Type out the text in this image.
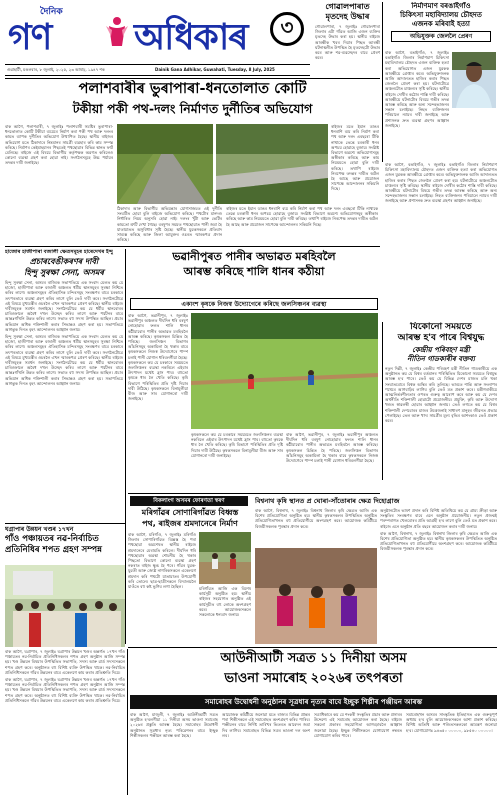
দৈনিক
গণ অধিকাৰ ৩
গুৱাহাটী, মঙলবাৰ, ৮ জুলাই, ২০২৫, ২৩ আষাঢ়, ১৯৪৭ শক	Dainik Gana Adhikar, Guwahati, Tuesday, 8 July, 2025
গোৱালপাৰাত
মৃতদেহ উদ্ধাৰ
গোৱালপাৰা, ৭ জুলাইঃ গোৱালপাৰা জিলাৰ এটা গাঁৱত আজি এজন ব্যক্তিৰ মৃতদেহ উদ্ধাৰ কৰা হয়। স্থানীয় ৰাইজে আৰক্ষীক খবৰ দিয়াৰ পিছত আৰক্ষী ঘটনাস্থলীত উপস্থিত হৈ মৃতদেহটো উদ্ধাৰ কৰে আৰু শৱ-ব্যৱচ্ছেদৰ বাবে প্ৰেৰণ কৰে।
নিৰ্মাণমাণ বৰঙাইগাঁও
চিকিৎসা মহাবিদ্যালয় চৌহদত
এজনক মৰিবাই হত্যা
অভিযুক্তক জেললৈ প্ৰেৰণ
বাক আগৈ, বঙাইগাঁও, ৭ জুলাইঃ বঙাইগাঁও জিলাৰ নিৰ্মাণমাণ চিকিৎসা মহাবিদ্যালয় চৌহদত এজন ব্যক্তিক হত্যা কৰা অভিযোগত এজন যুৱকক আৰক্ষীয়ে গ্ৰেপ্তাৰ কৰে। অভিযুক্তজনক আজি আদালতত হাজিৰ কৰাৰ পিছত জেললৈ প্ৰেৰণ কৰা হয়। ঘটনাটোৱে অঞ্চলটোত চাঞ্চল্যৰ সৃষ্টি কৰিছে। স্থানীয় ৰাইজে দোষীৰ কঠোৰ শাস্তি দাবী কৰিছে। আৰক্ষীয়ে ঘটনাটোৰ বিষয়ে গভীৰ তদন্ত আৰম্ভ কৰিছে আৰু অন্য সন্দেহভাজনৰ সন্ধান চলাইছে। নিহত ব্যক্তিজনৰ পৰিয়ালে ন্যায়ৰ দাবী জনাইছে আৰু প্ৰশাসনক দ্ৰুত ব্যৱস্থা গ্ৰহণৰ আহ্বান জনাইছে।
বাক আগৈ, বঙাইগাঁও, ৭ জুলাইঃ বঙাইগাঁও জিলাৰ নিৰ্মাণমাণ চিকিৎসা মহাবিদ্যালয় চৌহদত এজন ব্যক্তিক হত্যা কৰা অভিযোগত এজন যুৱকক আৰক্ষীয়ে গ্ৰেপ্তাৰ কৰে। অভিযুক্তজনক আজি আদালতত হাজিৰ কৰাৰ পিছত জেললৈ প্ৰেৰণ কৰা হয়। ঘটনাটোৱে অঞ্চলটোত চাঞ্চল্যৰ সৃষ্টি কৰিছে। স্থানীয় ৰাইজে দোষীৰ কঠোৰ শাস্তি দাবী কৰিছে। আৰক্ষীয়ে ঘটনাটোৰ বিষয়ে গভীৰ তদন্ত আৰম্ভ কৰিছে আৰু অন্য সন্দেহভাজনৰ সন্ধান চলাইছে। নিহত ব্যক্তিজনৰ পৰিয়ালে ন্যায়ৰ দাবী জনাইছে আৰু প্ৰশাসনক দ্ৰুত ব্যৱস্থা গ্ৰহণৰ আহ্বান জনাইছে।
পলাশবাৰীৰ ভুৰাপাৰা-ধনতোলাত কোটি
টকীয়া পকী পথ-দলং নিৰ্মাণত দুৰ্নীতিৰ অভিযোগ
বাক আগৈ, পলাশবাৰী, ৭ জুলাইঃ পলাশবাৰী সমষ্টিৰ ভুৰাপাৰা-ধনতোলাত কোটি টকীয়া ব্যয়েৰে নিৰ্মাণ কৰা পকী পথ আৰু দলংৰ কামত ব্যাপক দুৰ্নীতিৰ অভিযোগ উত্থাপিত হৈছে। স্থানীয় ৰাইজৰ অভিযোগ মতে ঠিকাদাৰে নিম্নমানৰ সামগ্ৰী ব্যৱহাৰ কৰি কাম সম্পন্ন কৰিছে। নিৰ্মাণৰ কেইমাহমানৰ পিছতেই পথছোৱাৰ বিভিন্ন স্থানত ফাট মেলিছে। ৰাইজে এই বিষয়ে বিভাগীয় কৰ্তৃপক্ষক অৱগত কৰিলেও কোনো ব্যৱস্থা গ্ৰহণ কৰা হোৱা নাই। সংগঠনসমূহে উচ্চ পৰ্যায়ৰ তদন্তৰ দাবী জনাইছে।
ঠিকাদাৰ আৰু বিভাগীয় অভিযন্তাৰ যোগসাজচত এই দুৰ্নীতি সংঘটিত হোৱা বুলি ৰাইজে অভিযোগ কৰিছে। পথটোৰ মানদণ্ড নিৰ্ধাৰিত নিয়ম অনুসৰি হোৱা নাই। দলংৰ খুঁটা আৰু ভেটিৰ কামতো ত্ৰুটি দেখা গৈছে। বৰষুণৰ সময়ত পথছোৱাত পানী জমা হৈ যাতায়াতত অসুবিধাৰ সৃষ্টি হৈছে। স্থানীয় যুৱকসকলে প্ৰতিবাদ সাব্যস্ত কৰিছে আৰু জিলা আয়ুক্তৰ ওচৰত স্মাৰকপত্ৰ প্ৰদান কৰিছে।
ৰাইজৰ মতে ইমান ডাঙৰ ধনৰাশি ব্যয় কৰি নিৰ্মাণ কৰা পথ আৰু দলং এবছৰো টিকি নাথাকে তেন্তে চৰকাৰী ধনৰ অপচয় হোৱাহে বুজায়। সংশ্লিষ্ট বিভাগে অৱশ্যে অভিযোগসমূহ অস্বীকাৰ কৰিছে আৰু কাম নিয়মমতে হোৱা বুলি দাবী কৰিছে। তথাপি ৰাইজে নিৰপেক্ষ তদন্তৰ দাবীত অটল হৈ আছে আৰু প্ৰয়োজন সাপেক্ষে আন্দোলনৰ সকিয়নি দিছে।
ৰাইজৰ মতে ইমান ডাঙৰ ধনৰাশি ব্যয় কৰি নিৰ্মাণ কৰা পথ আৰু দলং এবছৰো টিকি নাথাকে তেন্তে চৰকাৰী ধনৰ অপচয় হোৱাহে বুজায়। সংশ্লিষ্ট বিভাগে অৱশ্যে অভিযোগসমূহ অস্বীকাৰ কৰিছে আৰু কাম নিয়মমতে হোৱা বুলি দাবী কৰিছে। তথাপি ৰাইজে নিৰপেক্ষ তদন্তৰ দাবীত অটল হৈ আছে আৰু প্ৰয়োজন সাপেক্ষে আন্দোলনৰ সকিয়নি দিছে।
হাজোৰ হাজীপাৰা বজালী ক্ষেত্ৰসমূহৰ হাৰেদেখৰ ইন্দু
প্ৰচাৰবেঙীকৰণৰ দাবী
হিন্দু সুৰক্ষা সেনা, অসমৰ
হিন্দু সুৰক্ষা সেনা, অসমৰ ৰাজ্যিক সভাপতিয়ে এক সংবাদ মেলত কয় যে হাজো, হাজীপাৰা আৰু বজালী অঞ্চলত ধৰ্মীয় স্থানসমূহৰ সুৰক্ষা নিশ্চিত কৰিব লাগে। অঞ্চলসমূহৰ ঐতিহাসিক মন্দিৰসমূহ সংৰক্ষণৰ বাবে চৰকাৰে তৎপৰতাৰে ব্যৱস্থা গ্ৰহণ কৰিব লাগে বুলি তেওঁ দাবী কৰে। সংগঠনটোৱে এই বিষয়ে মুখ্যমন্ত্ৰীৰ ওচৰলৈ এখন স্মাৰকপত্ৰ প্ৰেৰণ কৰিছে। স্থানীয় ৰাইজে দাবীসমূহক সমৰ্থন জনাইছে। সংগঠনটোৱে কয় যে ধৰ্মীয় স্থানবোৰৰ চাৰিওফালে অবৈধ দখল উচ্ছেদ কৰিব লাগে আৰু পৰ্যটনৰ বাবে আন্তঃগাঁথনি উন্নত কৰিব লাগে। সভাত বহু সদস্য উপস্থিত আছিল। প্ৰচাৰ অভিযান অধিক শক্তিশালী কৰাৰ সিদ্ধান্তও গ্ৰহণ কৰা হয়। সভাপতিয়ে আগন্তুক দিনত বৃহৎ আন্দোলনৰ আহ্বান জনায়।
হিন্দু সুৰক্ষা সেনা, অসমৰ ৰাজ্যিক সভাপতিয়ে এক সংবাদ মেলত কয় যে হাজো, হাজীপাৰা আৰু বজালী অঞ্চলত ধৰ্মীয় স্থানসমূহৰ সুৰক্ষা নিশ্চিত কৰিব লাগে। অঞ্চলসমূহৰ ঐতিহাসিক মন্দিৰসমূহ সংৰক্ষণৰ বাবে চৰকাৰে তৎপৰতাৰে ব্যৱস্থা গ্ৰহণ কৰিব লাগে বুলি তেওঁ দাবী কৰে। সংগঠনটোৱে এই বিষয়ে মুখ্যমন্ত্ৰীৰ ওচৰলৈ এখন স্মাৰকপত্ৰ প্ৰেৰণ কৰিছে। স্থানীয় ৰাইজে দাবীসমূহক সমৰ্থন জনাইছে। সংগঠনটোৱে কয় যে ধৰ্মীয় স্থানবোৰৰ চাৰিওফালে অবৈধ দখল উচ্ছেদ কৰিব লাগে আৰু পৰ্যটনৰ বাবে আন্তঃগাঁথনি উন্নত কৰিব লাগে। সভাত বহু সদস্য উপস্থিত আছিল। প্ৰচাৰ অভিযান অধিক শক্তিশালী কৰাৰ সিদ্ধান্তও গ্ৰহণ কৰা হয়। সভাপতিয়ে আগন্তুক দিনত বৃহৎ আন্দোলনৰ আহ্বান জনায়।
ভৱানীপুৰত পানীৰ অভাৱত মৰহিবলৈ
আৰম্ভ কৰিছে শালি ধানৰ কঠীয়া
একাংশ কৃষকে নিজস্ব উদ্যোগেৰে কৰিছে জলসিঞ্চনৰ ব্যৱস্থা
বাক আগৈ, ভৱানীপুৰ, ৭ জুলাইঃ ভৱানীপুৰ অঞ্চলত দীৰ্ঘদিন ধৰি বৰষুণ নোহোৱাৰ ফলত শালি ধানৰ কঠীয়াবোৰ পানীৰ অভাৱত মৰহিবলৈ আৰম্ভ কৰিছে। কৃষকসকল চিন্তিত হৈ পৰিছে। জলসিঞ্চন বিভাগৰ আঁচনিসমূহ অকামিলা হৈ থকাৰ বাবে কৃষকসকলে নিজস্ব উদ্যোগেৰে পাম্প চলাই পানী যোগান ধৰিবলগীয়া হৈছে।
কৃষকসকলে কয় যে চৰকাৰে সময়মতে জলসিঞ্চনৰ ব্যৱস্থা নকৰিলে এইবাৰ উৎপাদন যথেষ্ট হ্ৰাস পাব। বহুতো কৃষকে ধাৰ লৈ খেতি কৰিছে। কৃষি বিভাগে পৰিস্থিতিৰ প্ৰতি দৃষ্টি দিয়াৰ দাবী উঠিছে। কৃষকসকলে বিনামূলীয়া বীজ আৰু সাৰ যোগানৰো দাবী জনাইছে।
কৃষকসকলে কয় যে চৰকাৰে সময়মতে জলসিঞ্চনৰ ব্যৱস্থা নকৰিলে এইবাৰ উৎপাদন যথেষ্ট হ্ৰাস পাব। বহুতো কৃষকে ধাৰ লৈ খেতি কৰিছে। কৃষি বিভাগে পৰিস্থিতিৰ প্ৰতি দৃষ্টি দিয়াৰ দাবী উঠিছে। কৃষকসকলে বিনামূলীয়া বীজ আৰু সাৰ যোগানৰো দাবী জনাইছে।
বাক আগৈ, ভৱানীপুৰ, ৭ জুলাইঃ ভৱানীপুৰ অঞ্চলত দীৰ্ঘদিন ধৰি বৰষুণ নোহোৱাৰ ফলত শালি ধানৰ কঠীয়াবোৰ পানীৰ অভাৱত মৰহিবলৈ আৰম্ভ কৰিছে। কৃষকসকল চিন্তিত হৈ পৰিছে। জলসিঞ্চন বিভাগৰ আঁচনিসমূহ অকামিলা হৈ থকাৰ বাবে কৃষকসকলে নিজস্ব উদ্যোগেৰে পাম্প চলাই পানী যোগান ধৰিবলগীয়া হৈছে।
যিকোনো সময়তে
আৰম্ভ হ'ব পাৰে বিশ্বযুদ্ধ
কেন্দ্ৰীয় পৰিবহণ মন্ত্ৰী
নীতিন গাডকাৰীৰ বক্তব্য
নতুন দিল্লী, ৭ জুলাইঃ কেন্দ্ৰীয় পৰিবহণ মন্ত্ৰী নীতিন গাডকাৰীয়ে এক অনুষ্ঠানত কয় যে বিশ্বৰ বৰ্তমানৰ পৰিস্থিতিত যিকোনো সময়তে বিশ্বযুদ্ধ আৰম্ভ হ'ব পাৰে। তেওঁ কয় যে বিভিন্ন দেশৰ মাজত চলি থকা সংঘাতবোৰে বিশ্বক অস্থিৰ কৰি তুলিছে। ভাৰতে শান্তি আৰু সংলাপৰ পথেৰে আগবাঢ়িব লাগিব বুলি তেওঁ মত প্ৰকাশ কৰে। মন্ত্ৰীগৰাকীয়ে আত্মনিৰ্ভৰশীলতাৰ ওপৰত গুৰুত্ব আৰোপ কৰে আৰু কয় যে দেশৰ অৰ্থনীতি শক্তিশালী হোৱাটো প্ৰয়োজনীয়। প্ৰযুক্তি, কৃষি আৰু উদ্যোগ খণ্ডত স্বাৱলম্বী হোৱাৰ আহ্বান জনায়। তেওঁ লগতে কয় যে বিশ্বৰ শক্তিশালী দেশবোৰৰ মাজৰ উত্তেজনাই সাধাৰণ মানুহৰ জীৱনত প্ৰভাৱ পেলাইছে। তেল আৰু খাদ্য সামগ্ৰীৰ মূল্য বৃদ্ধিৰ আশংকাও তেওঁ প্ৰকাশ কৰে।
বিকলাংগ অসমৰ ফোৰণতা স্বৰণ
মৰিগাঁৱৰ সোণাৰিগাঁৱত বিধ্বস্ত
পথ, ৰাইজৰ শ্ৰমদানেৰে নিৰ্মাণ
বাক আগৈ, মৰিগাঁও, ৭ জুলাইঃ মৰিগাঁও জিলাৰ সোণাৰিগাঁৱত বিধ্বস্ত হৈ পৰা পথছোৱা অৱশেষত স্থানীয় ৰাইজে শ্ৰমদানেৰে মেৰামতি কৰিলে। দীৰ্ঘদিন ধৰি পথছোৱাৰ অৱস্থা শোচনীয় হৈ থকাৰ পিছতো বিভাগে কোনো ব্যৱস্থা গ্ৰহণ নকৰাত ৰাইজ ক্ষুব্ধ হৈ পৰে। গাঁৱৰ যুৱক-যুৱতী আৰু জ্যেষ্ঠ নাগৰিকসকলে একেলগে শ্ৰমদান কৰি পথটো যাতায়াতৰ উপযোগী কৰি তোলে। ছাত্ৰ-ছাত্ৰীসকলে বিদ্যালয়লৈ যাওঁতে বহু কষ্ট ভুগিব লগা হৈছিল।	মৰিগাঁৱত আজি এক বিশেষ কাৰ্যসূচী অনুষ্ঠিত হয়। স্থানীয় ৰাইজৰ সহযোগত অনুষ্ঠিত এই কাৰ্যসূচীত বহু লোকে অংশগ্ৰহণ কৰে। আয়োজকসকলে সকলোকে ধন্যবাদ জনায়।
বিশ্বনাথ কৃষি স্থানত প্ৰ ঘোৰা-সাঁতোৰাৰ ক্ষেত্ৰ দিহোগ্ৰাজ
বাক আগৈ, বিশ্বনাথ, ৭ জুলাইঃ বিশ্বনাথ জিলাৰ কৃষি ক্ষেত্ৰত আজি এক বিশেষ প্ৰতিযোগিতা অনুষ্ঠিত হয়। স্থানীয় কৃষকসকলৰ উপস্থিতিত অনুষ্ঠিত প্ৰতিযোগিতাখনত বহু প্ৰতিযোগীয়ে অংশগ্ৰহণ কৰে। আয়োজক কমিটীয়ে বিজয়ীসকলক পুৰস্কাৰ প্ৰদান কৰে।
অনুষ্ঠানটোত ভাষণ প্ৰদান কৰি বিশিষ্ট অতিথিয়ে কয় যে গ্ৰাম্য ক্ৰীড়া আৰু সংস্কৃতিৰ সংৰক্ষণৰ বাবে এনে অনুষ্ঠান প্ৰয়োজনীয়। নতুন প্ৰজন্মই পৰম্পৰাগত খেলবোৰৰ প্ৰতি আগ্ৰহী হ'ব লাগে বুলি তেওঁ মত প্ৰকাশ কৰে। ৰাইজে এনে অনুষ্ঠান প্ৰতি বছৰে আয়োজন কৰাৰ দাবী জনায়।
বাক আগৈ, বিশ্বনাথ, ৭ জুলাইঃ বিশ্বনাথ জিলাৰ কৃষি ক্ষেত্ৰত আজি এক বিশেষ প্ৰতিযোগিতা অনুষ্ঠিত হয়। স্থানীয় কৃষকসকলৰ উপস্থিতিত অনুষ্ঠিত প্ৰতিযোগিতাখনত বহু প্ৰতিযোগীয়ে অংশগ্ৰহণ কৰে। আয়োজক কমিটীয়ে বিজয়ীসকলক পুৰস্কাৰ প্ৰদান কৰে।
ঘগ্ৰাপাৰ উন্নয়ন খণ্ডৰ ১৭খন
গাঁও পঞ্চায়তৰ নৱ-নিৰ্বাচিত
প্ৰতিনিধিৰ শপত গ্ৰহণ সম্পন্ন
বাক আগৈ, ঘগ্ৰাপাৰ, ৭ জুলাইঃ ঘগ্ৰাপাৰ উন্নয়ন খণ্ডৰ অন্তৰ্গত ১৭খন গাঁও পঞ্চায়তৰ নৱ-নিৰ্বাচিত প্ৰতিনিধিসকলৰ শপত গ্ৰহণ অনুষ্ঠান আজি সম্পন্ন হয়। খণ্ড উন্নয়ন বিষয়াৰ উপস্থিতিত সভাপতি, সদস্য আৰু ৱাৰ্ড সদস্যসকলে শপত গ্ৰহণ কৰে। অনুষ্ঠানত বহু বিশিষ্ট ব্যক্তি উপস্থিত থাকে। নৱ-নিৰ্বাচিত প্ৰতিনিধিসকলে গাঁৱৰ উন্নয়নৰ বাবে একেলগে কাম কৰাৰ প্ৰতিশ্ৰুতি দিয়ে।
বাক আগৈ, ঘগ্ৰাপাৰ, ৭ জুলাইঃ ঘগ্ৰাপাৰ উন্নয়ন খণ্ডৰ অন্তৰ্গত ১৭খন গাঁও পঞ্চায়তৰ নৱ-নিৰ্বাচিত প্ৰতিনিধিসকলৰ শপত গ্ৰহণ অনুষ্ঠান আজি সম্পন্ন হয়। খণ্ড উন্নয়ন বিষয়াৰ উপস্থিতিত সভাপতি, সদস্য আৰু ৱাৰ্ড সদস্যসকলে শপত গ্ৰহণ কৰে। অনুষ্ঠানত বহু বিশিষ্ট ব্যক্তি উপস্থিত থাকে। নৱ-নিৰ্বাচিত প্ৰতিনিধিসকলে গাঁৱৰ উন্নয়নৰ বাবে একেলগে কাম কৰাৰ প্ৰতিশ্ৰুতি দিয়ে।
আউনীআটী সত্ৰত ১১ দিনীয়া অসম
ভাওনা সমাৰোহ ২০২৬ৰ তৎপৰতা
সমাৰোহৰ উদ্বোধনী অনুষ্ঠানৰ সূত্ৰধাৰ নৃত্যৰ বাবে ইচ্ছুক শিল্পীৰ পঞ্জীয়ন আৰম্ভ
বাক আগৈ, মাজুলী, ৭ জুলাইঃ আউনীআটী সত্ৰত অনুষ্ঠিত হ'বলগীয়া ১১ দিনীয়া অসম ভাওনা সমাৰোহ ২০২৬ৰ প্ৰস্তুতি আৰম্ভ হৈছে। সমাৰোহৰ উদ্বোধনী অনুষ্ঠানত সূত্ৰধাৰ নৃত্য পৰিৱেশনৰ বাবে ইচ্ছুক শিল্পীসকলৰ পঞ্জীয়ন আৰম্ভ কৰা হৈছে।
আয়োজক কমিটীয়ে জনোৱা মতে ৰাজ্যৰ বিভিন্ন প্ৰান্তৰ পৰা শিল্পীসকলে এই সমাৰোহত অংশগ্ৰহণ কৰিব পাৰিব। পঞ্জীয়নৰ বাবে নিৰ্দিষ্ট তাৰিখৰ ভিতৰত আবেদন জমা দিব লাগিব। সমাৰোহত বিভিন্ন সত্ৰৰ ভাওনা দল অংশ লব।
সত্ৰাধিকাৰে কয় যে শংকৰী সংস্কৃতিৰ প্ৰচাৰ আৰু প্ৰসাৰৰ উদ্দেশ্যে এই সমাৰোহ আয়োজন কৰা হৈছে। ৰাইজে সকলো প্ৰকাৰৰ সহযোগিতা আগবঢ়াবলৈ আহ্বান জনোৱা হৈছে। ইচ্ছুক শিল্পীসকলে যোগাযোগ নম্বৰত যোগাযোগ কৰিব পাৰে।
সমাৰোহখন অসমৰ সাংস্কৃতিক ইতিহাসত এক গুৰুত্বপূৰ্ণ অধ্যায় হ'ব বুলি আয়োজকসকলে আশা প্ৰকাশ কৰিছে। বিশিষ্ট অতিথি আৰু পণ্ডিতসকলকো আমন্ত্ৰণ জনোৱা হ'ব। যোগাযোগঃ ৯৪৩৫০ ০০০০০, ৯৮৫৪০ ০০০০০।
